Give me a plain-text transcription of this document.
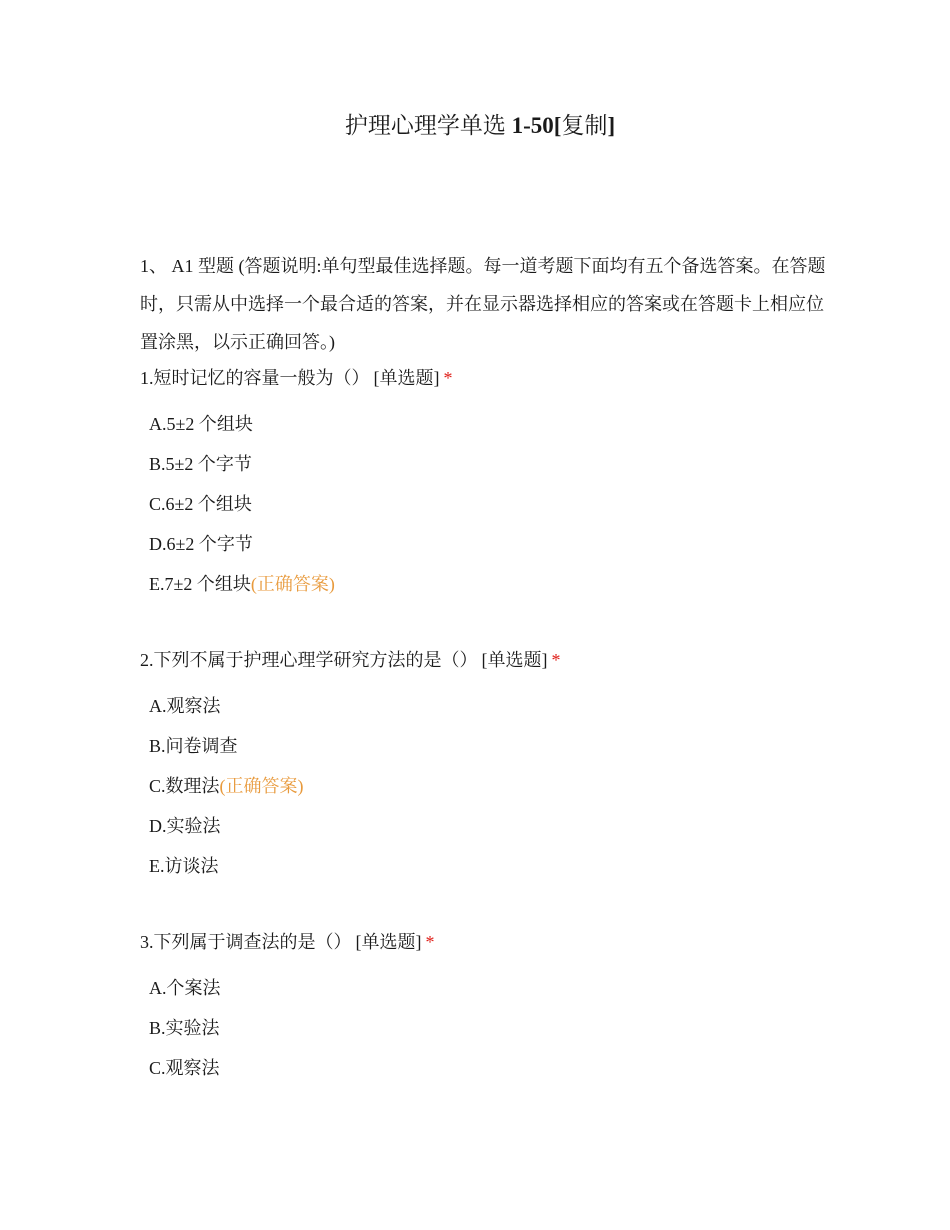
护理心理学单选 1-50[复制]
1、 A1 型题 (答题说明:单句型最佳选择题。每一道考题下面均有五个备选答案。在答题时，只需从中选择一个最合适的答案，并在显示器选择相应的答案或在答题卡上相应位置涂黑，以示正确回答。)
1.短时记忆的容量一般为（） [单选题] *
A.5±2 个组块
B.5±2 个字节
C.6±2 个组块
D.6±2 个字节
E.7±2 个组块(正确答案)
2.下列不属于护理心理学研究方法的是（） [单选题] *
A.观察法
B.问卷调查
C.数理法(正确答案)
D.实验法
E.访谈法
3.下列属于调查法的是（） [单选题] *
A.个案法
B.实验法
C.观察法
